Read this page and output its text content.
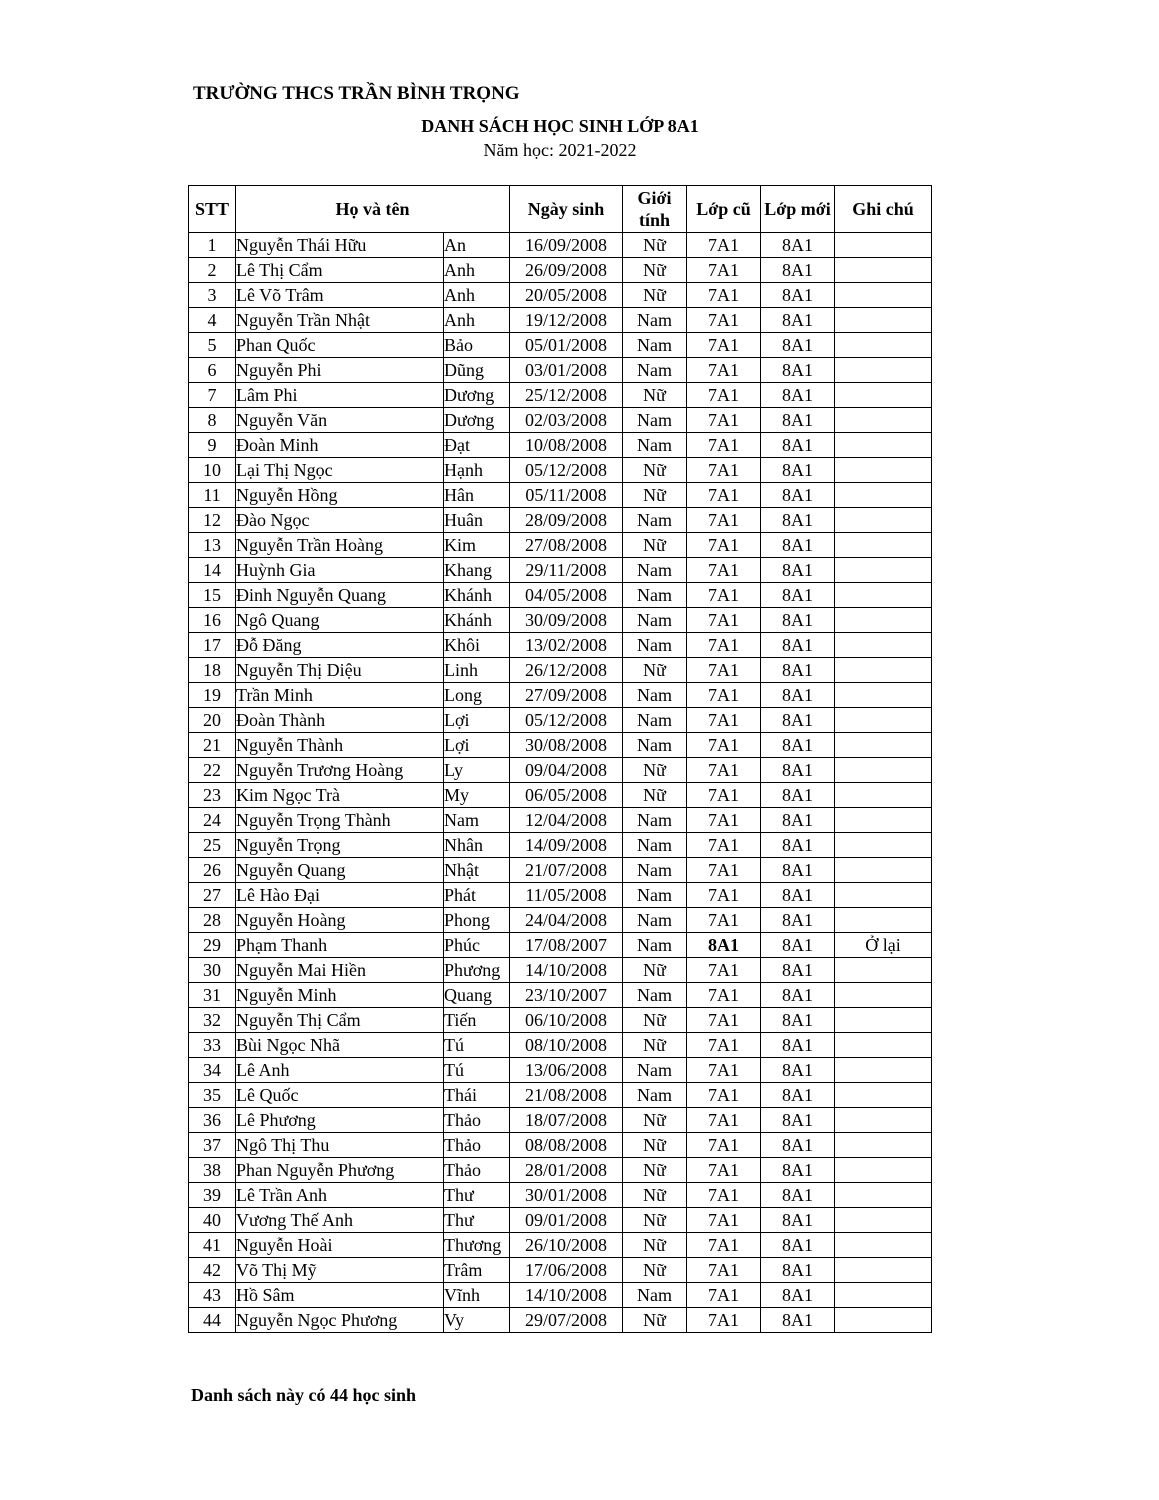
TRƯỜNG THCS TRẦN BÌNH TRỌNG
DANH SÁCH HỌC SINH LỚP 8A1
Năm học: 2021-2022
STT	Họ và tên		Ngày sinh	Giới tính	Lớp cũ	Lớp mới	Ghi chú
1	Nguyễn Thái Hữu	An	16/09/2008	Nữ	7A1	8A1	
2	Lê Thị Cẩm	Anh	26/09/2008	Nữ	7A1	8A1	
3	Lê Võ Trâm	Anh	20/05/2008	Nữ	7A1	8A1	
4	Nguyễn Trần Nhật	Anh	19/12/2008	Nam	7A1	8A1	
5	Phan Quốc	Bảo	05/01/2008	Nam	7A1	8A1	
6	Nguyễn Phi	Dũng	03/01/2008	Nam	7A1	8A1	
7	Lâm Phi	Dương	25/12/2008	Nữ	7A1	8A1	
8	Nguyễn Văn	Dương	02/03/2008	Nam	7A1	8A1	
9	Đoàn Minh	Đạt	10/08/2008	Nam	7A1	8A1	
10	Lại Thị Ngọc	Hạnh	05/12/2008	Nữ	7A1	8A1	
11	Nguyễn Hồng	Hân	05/11/2008	Nữ	7A1	8A1	
12	Đào Ngọc	Huân	28/09/2008	Nam	7A1	8A1	
13	Nguyễn Trần Hoàng	Kim	27/08/2008	Nữ	7A1	8A1	
14	Huỳnh Gia	Khang	29/11/2008	Nam	7A1	8A1	
15	Đinh Nguyễn Quang	Khánh	04/05/2008	Nam	7A1	8A1	
16	Ngô Quang	Khánh	30/09/2008	Nam	7A1	8A1	
17	Đỗ Đăng	Khôi	13/02/2008	Nam	7A1	8A1	
18	Nguyễn Thị Diệu	Linh	26/12/2008	Nữ	7A1	8A1	
19	Trần Minh	Long	27/09/2008	Nam	7A1	8A1	
20	Đoàn Thành	Lợi	05/12/2008	Nam	7A1	8A1	
21	Nguyễn Thành	Lợi	30/08/2008	Nam	7A1	8A1	
22	Nguyễn Trương Hoàng	Ly	09/04/2008	Nữ	7A1	8A1	
23	Kim Ngọc Trà	My	06/05/2008	Nữ	7A1	8A1	
24	Nguyễn Trọng Thành	Nam	12/04/2008	Nam	7A1	8A1	
25	Nguyễn Trọng	Nhân	14/09/2008	Nam	7A1	8A1	
26	Nguyễn Quang	Nhật	21/07/2008	Nam	7A1	8A1	
27	Lê Hào Đại	Phát	11/05/2008	Nam	7A1	8A1	
28	Nguyễn Hoàng	Phong	24/04/2008	Nam	7A1	8A1	
29	Phạm Thanh	Phúc	17/08/2007	Nam	8A1	8A1	Ở lại
30	Nguyễn Mai Hiền	Phương	14/10/2008	Nữ	7A1	8A1	
31	Nguyễn Minh	Quang	23/10/2007	Nam	7A1	8A1	
32	Nguyễn Thị Cẩm	Tiến	06/10/2008	Nữ	7A1	8A1	
33	Bùi Ngọc Nhã	Tú	08/10/2008	Nữ	7A1	8A1	
34	Lê Anh	Tú	13/06/2008	Nam	7A1	8A1	
35	Lê Quốc	Thái	21/08/2008	Nam	7A1	8A1	
36	Lê Phương	Thảo	18/07/2008	Nữ	7A1	8A1	
37	Ngô Thị Thu	Thảo	08/08/2008	Nữ	7A1	8A1	
38	Phan Nguyễn Phương	Thảo	28/01/2008	Nữ	7A1	8A1	
39	Lê Trần Anh	Thư	30/01/2008	Nữ	7A1	8A1	
40	Vương Thế Anh	Thư	09/01/2008	Nữ	7A1	8A1	
41	Nguyễn Hoài	Thương	26/10/2008	Nữ	7A1	8A1	
42	Võ Thị Mỹ	Trâm	17/06/2008	Nữ	7A1	8A1	
43	Hồ Sâm	Vĩnh	14/10/2008	Nam	7A1	8A1	
44	Nguyễn Ngọc Phương	Vy	29/07/2008	Nữ	7A1	8A1	
Danh sách này có 44 học sinh
